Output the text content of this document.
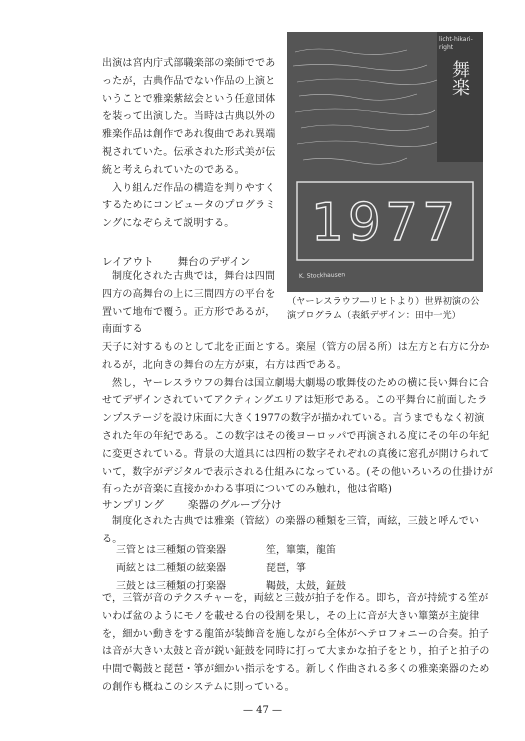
出演は宮内庁式部職楽部の楽師でであったが，古典作品でない作品の上演ということで雅楽紫絃会という任意団体を装って出演した。当時は古典以外の雅楽作品は創作であれ復曲であれ異端視されていた。伝承された形式美が伝統と考えられていたのである。

入り組んだ作品の構造を判りやすくするためにコンピュータのプログラミングになぞらえて説明する。

レイアウト 舞台のデザイン
制度化された古典では，舞台は四間四方の高舞台の上に三間四方の平台を置いて地布で覆う。正方形であるが，南面する
1977
K. Stockhausen
舞楽
licht-hikari-right
（ヤーレスラウフ―リヒトより）世界初演の公演プログラム（表紙デザイン：田中一光）

天子に対するものとして北を正面とする。楽屋（管方の居る所）は左方と右方に分かれるが，北向きの舞台の左方が東，右方は西である。

然し，ヤーレスラウフの舞台は国立劇場大劇場の歌舞伎のための横に長い舞台に合せてデザインされていてアクティングエリアは矩形である。この平舞台に前面したランプステージを設け床面に大きく1977の数字が描かれている。言うまでもなく初演された年の年紀である。この数字はその後ヨーロッパで再演される度にその年の年紀に変更されている。背景の大道具には四桁の数字それぞれの真後に窓孔が開けられていて，数字がデジタルで表示される仕組みになっている。(その他いろいろの仕掛けが有ったが音楽に直接かかわる事項についてのみ触れ，他は省略)

サンプリング 楽器のグループ分け
制度化された古典では雅楽（管絃）の楽器の種類を三管，両絃，三鼓と呼んでいる。
三管とは三種類の管楽器	笙，篳篥，龍笛
両絃とは二種類の絃楽器	琵琶，箏
三鼓とは三種類の打楽器	鞨鼓，太鼓，鉦鼓
で，三管が音のテクスチャーを，両絃と三鼓が拍子を作る。即ち，音が持続する笙がいわば盆のようにモノを載せる台の役割を果し，その上に音が大きい篳篥が主旋律を，細かい動きをする龍笛が装飾音を施しながら全体がヘテロフォニーの合奏。拍子は音が大きい太鼓と音が鋭い鉦鼓を同時に打って大まかな拍子をとり，拍子と拍子の中間で鞨鼓と琵琶・箏が細かい指示をする。新しく作曲される多くの雅楽楽器のための創作も概ねこのシステムに則っている。
— 47 —
